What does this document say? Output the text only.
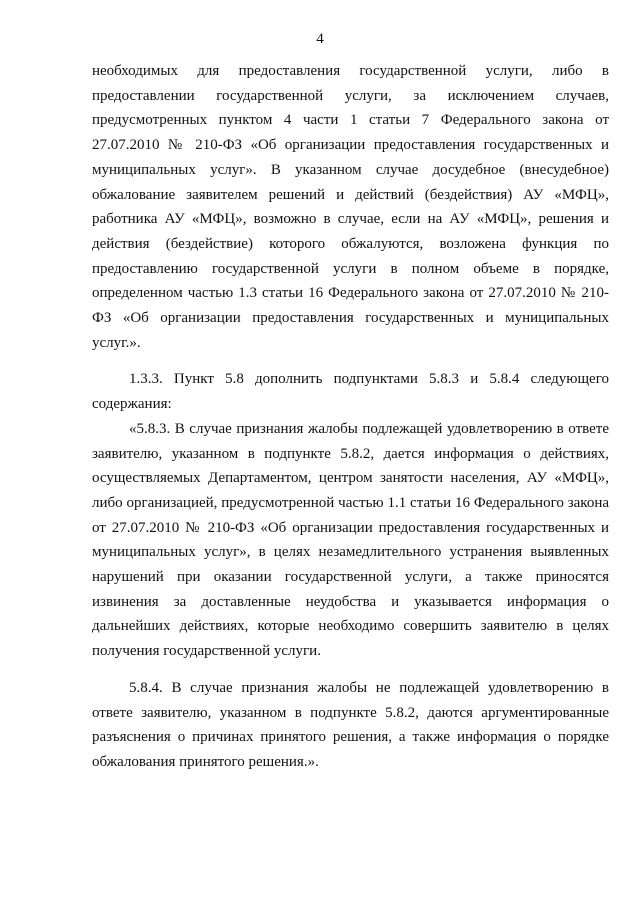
4

необходимых для предоставления государственной услуги, либо в предоставлении государственной услуги, за исключением случаев, предусмотренных пунктом 4 части 1 статьи 7 Федерального закона от 27.07.2010 № 210-ФЗ «Об организации предоставления государственных и муниципальных услуг». В указанном случае досудебное (внесудебное) обжалование заявителем решений и действий (бездействия) АУ «МФЦ», работника АУ «МФЦ», возможно в случае, если на АУ «МФЦ», решения и действия (бездействие) которого обжалуются, возложена функция по предоставлению государственной услуги в полном объеме в порядке, определенном частью 1.3 статьи 16 Федерального закона от 27.07.2010 № 210-ФЗ «Об организации предоставления государственных и муниципальных услуг.».

1.3.3. Пункт 5.8 дополнить подпунктами 5.8.3 и 5.8.4 следующего содержания:

«5.8.3. В случае признания жалобы подлежащей удовлетворению в ответе заявителю, указанном в подпункте 5.8.2, дается информация о действиях, осуществляемых Департаментом, центром занятости населения, АУ «МФЦ», либо организацией, предусмотренной частью 1.1 статьи 16 Федерального закона от 27.07.2010 № 210-ФЗ «Об организации предоставления государственных и муниципальных услуг», в целях незамедлительного устранения выявленных нарушений при оказании государственной услуги, а также приносятся извинения за доставленные неудобства и указывается информация о дальнейших действиях, которые необходимо совершить заявителю в целях получения государственной услуги.

5.8.4. В случае признания жалобы не подлежащей удовлетворению в ответе заявителю, указанном в подпункте 5.8.2, даются аргументированные разъяснения о причинах принятого решения, а также информация о порядке обжалования принятого решения.».
